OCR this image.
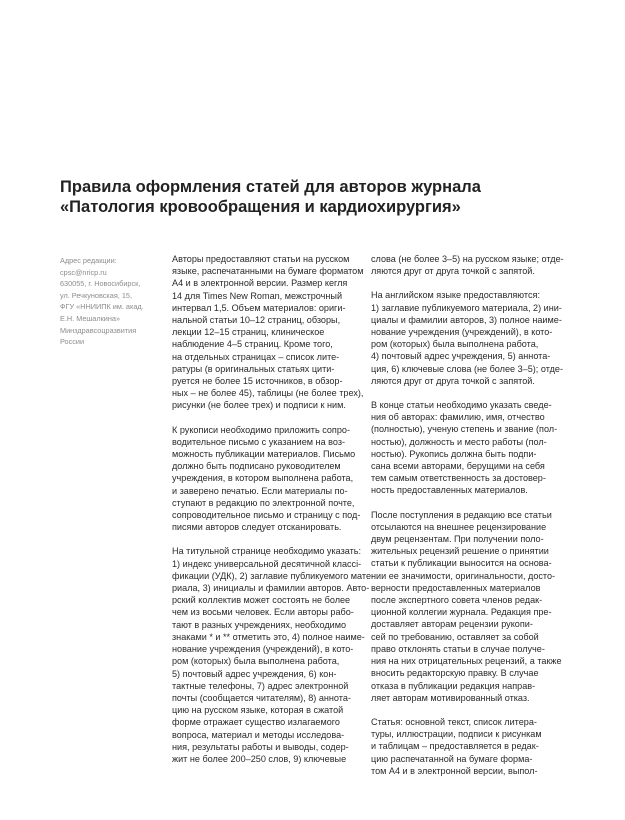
Правила оформления статей для авторов журнала
«Патология кровообращения и кардиохирургия»
Адрес редакции:
cpsc@nricp.ru
630055, г. Новосибирск,
ул. Речкуновская, 15,
ФГУ «ННИИПК им. акад.
Е.Н. Мешалкина»
Минздравсоцразвития
России
Авторы предоставляют статьи на русском
языке, распечатанными на бумаге форматом
А4 и в электронной версии. Размер кегля
14 для Times New Roman, межстрочный
интервал 1,5. Объем материалов: ориги-
нальной статьи 10–12 страниц, обзоры,
лекции 12–15 страниц, клиническое
наблюдение 4–5 страниц. Кроме того,
на отдельных страницах – список лите-
ратуры (в оригинальных статьях цити-
руется не более 15 источников, в обзор-
ных – не более 45), таблицы (не более трех),
рисунки (не более трех) и подписи к ним.
К рукописи необходимо приложить сопро-
водительное письмо с указанием на воз-
можность публикации материалов. Письмо
должно быть подписано руководителем
учреждения, в котором выполнена работа,
и заверено печатью. Если материалы по-
ступают в редакцию по электронной почте,
сопроводительное письмо и страницу с под-
писями авторов следует отсканировать.
На титульной странице необходимо указать:
1) индекс универсальной десятичной классі-
фикации (УДК), 2) заглавие публикуемого мате-
риала, 3) инициалы и фамилии авторов. Авто-
рский коллектив может состоять не более
чем из восьми человек. Если авторы рабо-
тают в разных учреждениях, необходимо
знаками * и ** отметить это, 4) полное наиме-
нование учреждения (учреждений), в кото-
ром (которых) была выполнена работа,
5) почтовый адрес учреждения, 6) кон-
тактные телефоны, 7) адрес электронной
почты (сообщается читателям), 8) аннота-
цию на русском языке, которая в сжатой
форме отражает существо излагаемого
вопроса, материал и методы исследова-
ния, результаты работы и выводы, содер-
жит не более 200–250 слов, 9) ключевые
слова (не более 3–5) на русском языке; отде-
ляются друг от друга точкой с запятой.
На английском языке предоставляются:
1) заглавие публикуемого материала, 2) ини-
циалы и фамилии авторов, 3) полное наиме-
нование учреждения (учреждений), в кото-
ром (которых) была выполнена работа,
4) почтовый адрес учреждения, 5) аннота-
ция, 6) ключевые слова (не более 3–5); отде-
ляются друг от друга точкой с запятой.
В конце статьи необходимо указать сведе-
ния об авторах: фамилию, имя, отчество
(полностью), ученую степень и звание (пол-
ностью), должность и место работы (пол-
ностью). Рукопись должна быть подпи-
сана всеми авторами, берущими на себя
тем самым ответственность за достовер-
ность предоставленных материалов.
После поступления в редакцию все статьи
отсылаются на внешнее рецензирование
двум рецензентам. При получении поло-
жительных рецензий решение о принятии
статьи к публикации выносится на основа-
нии ее значимости, оригинальности, досто-
верности предоставленных материалов
после экспертного совета членов редак-
ционной коллегии журнала. Редакция пре-
доставляет авторам рецензии рукопи-
сей по требованию, оставляет за собой
право отклонять статьи в случае получе-
ния на них отрицательных рецензий, а также
вносить редакторскую правку. В случае
отказа в публикации редакция направ-
ляет авторам мотивированный отказ.
Статья: основной текст, список литера-
туры, иллюстрации, подписи к рисункам
и таблицам – предоставляется в редак-
цию распечатанной на бумаге форма-
том А4 и в электронной версии, выпол-
